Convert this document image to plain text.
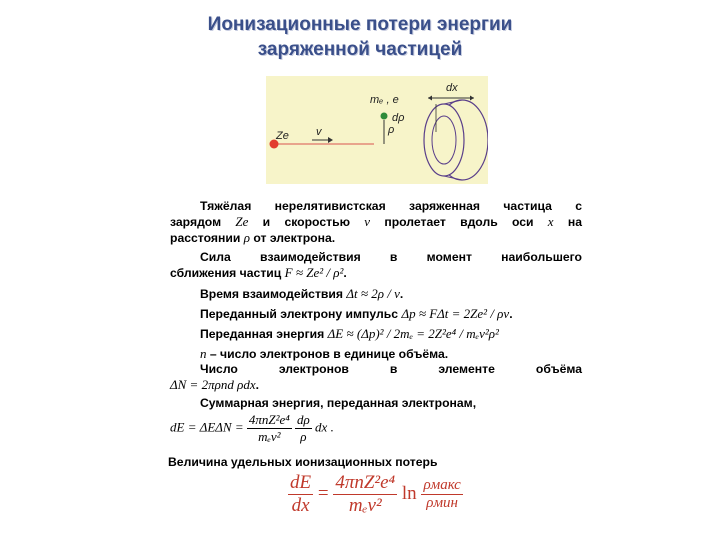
Ионизационные потери энергии
заряженной частицей
Ze v
mₑ , e
ρ
dρ
dx
Тяжёлая нерелятивистская заряженная частица с
зарядом Ze и скоростью v пролетает вдоль оси x на
расстоянии ρ от электрона.
Сила взаимодействия в момент наибольшего
сближения частиц F ≈ Ze² / ρ².
Время взаимодействия Δt ≈ 2ρ / v.
Переданный электрону импульс Δp ≈ FΔt = 2Ze² / ρv.
Переданная энергия ΔE ≈ (Δp)² / 2mₑ = 2Z²e⁴ / mₑv²ρ²
n – число электронов в единице объёма.
Число электронов в элементе объёма
ΔN = 2πρnd ρdx.
Суммарная энергия, переданная электронам,
dE = $\Delta E\Delta N = \frac{\text{4πnZ²e⁴}}{\text{mₑv²}}$
$\frac{d\rho}{\rho}$ dx .
Величина удельных ионизационных потерь
$\frac{dE}{dx} = \frac{\text{4πnZ²e⁴}}{\text{mₑv²}}$ $\ln \frac{\text{ρмакс}}{\text{ρмин}}$
